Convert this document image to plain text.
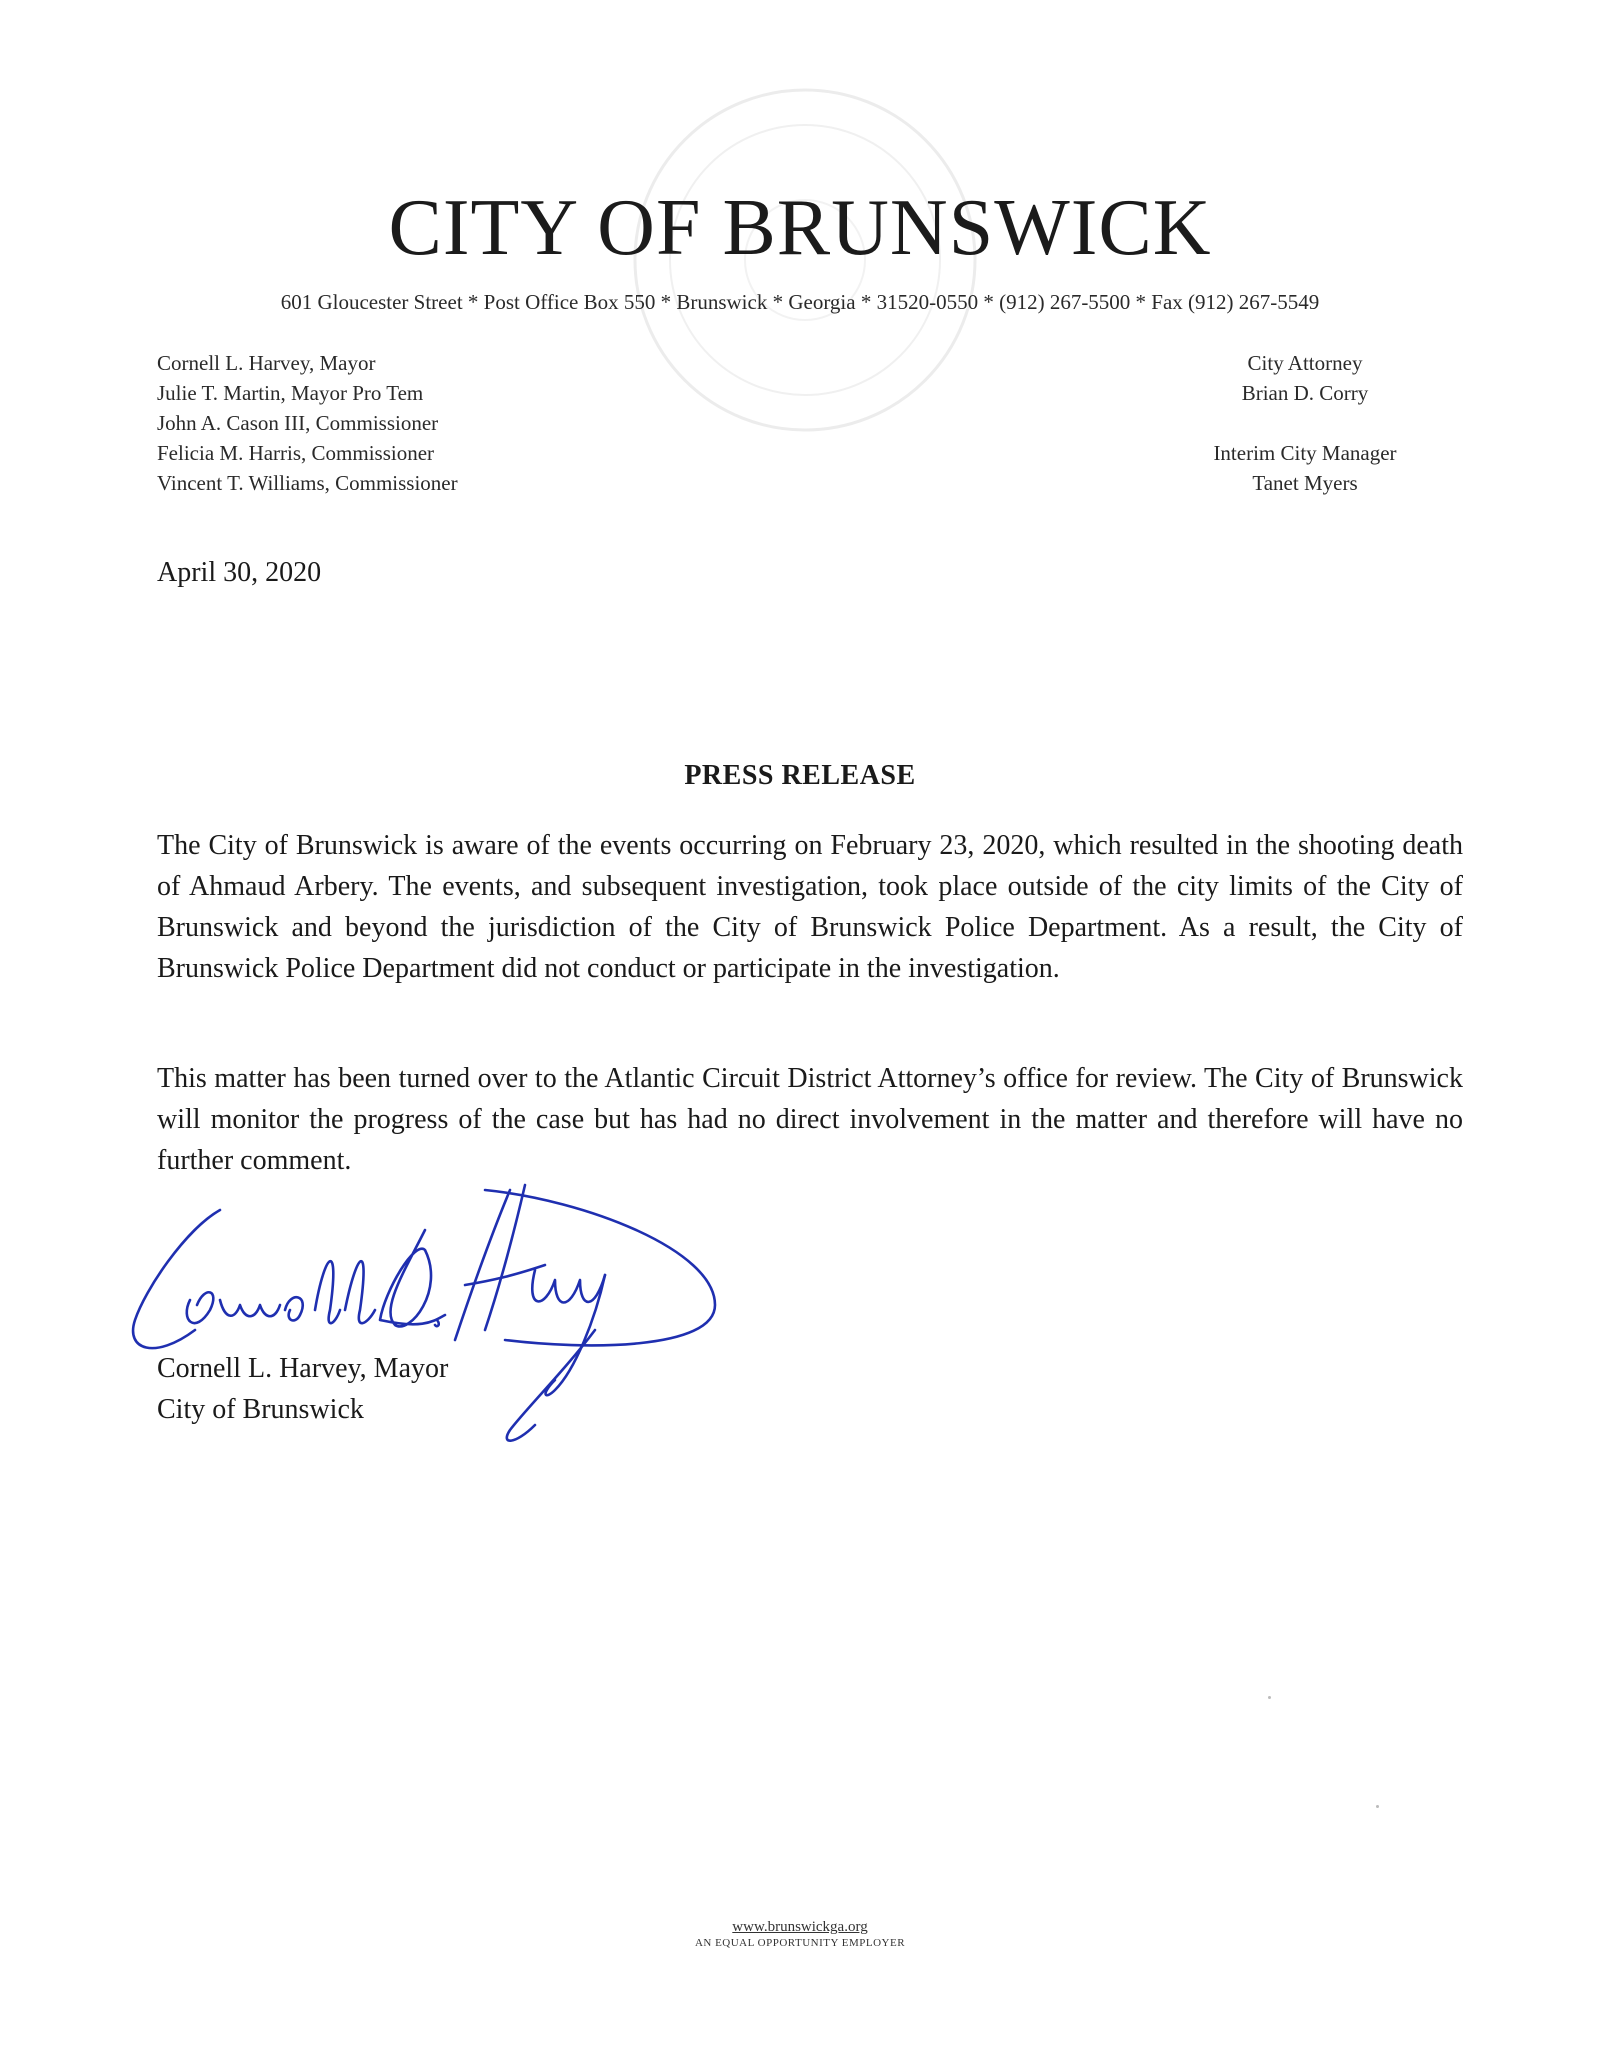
CITY OF BRUNSWICK
601 Gloucester Street * Post Office Box 550 * Brunswick * Georgia * 31520-0550 * (912) 267-5500 * Fax (912) 267-5549
Cornell L. Harvey, Mayor
Julie T. Martin, Mayor Pro Tem
John A. Cason III, Commissioner
Felicia M. Harris, Commissioner
Vincent T. Williams, Commissioner
City Attorney
Brian D. Corry
Interim City Manager
Tanet Myers
April 30, 2020
PRESS RELEASE
The City of Brunswick is aware of the events occurring on February 23, 2020, which resulted in the shooting death of Ahmaud Arbery. The events, and subsequent investigation, took place outside of the city limits of the City of Brunswick and beyond the jurisdiction of the City of Brunswick Police Department. As a result, the City of Brunswick Police Department did not conduct or participate in the investigation.
This matter has been turned over to the Atlantic Circuit District Attorney’s office for review. The City of Brunswick will monitor the progress of the case but has had no direct involvement in the matter and therefore will have no further comment.
Cornell L. Harvey, Mayor
City of Brunswick
www.brunswickga.org
AN EQUAL OPPORTUNITY EMPLOYER
